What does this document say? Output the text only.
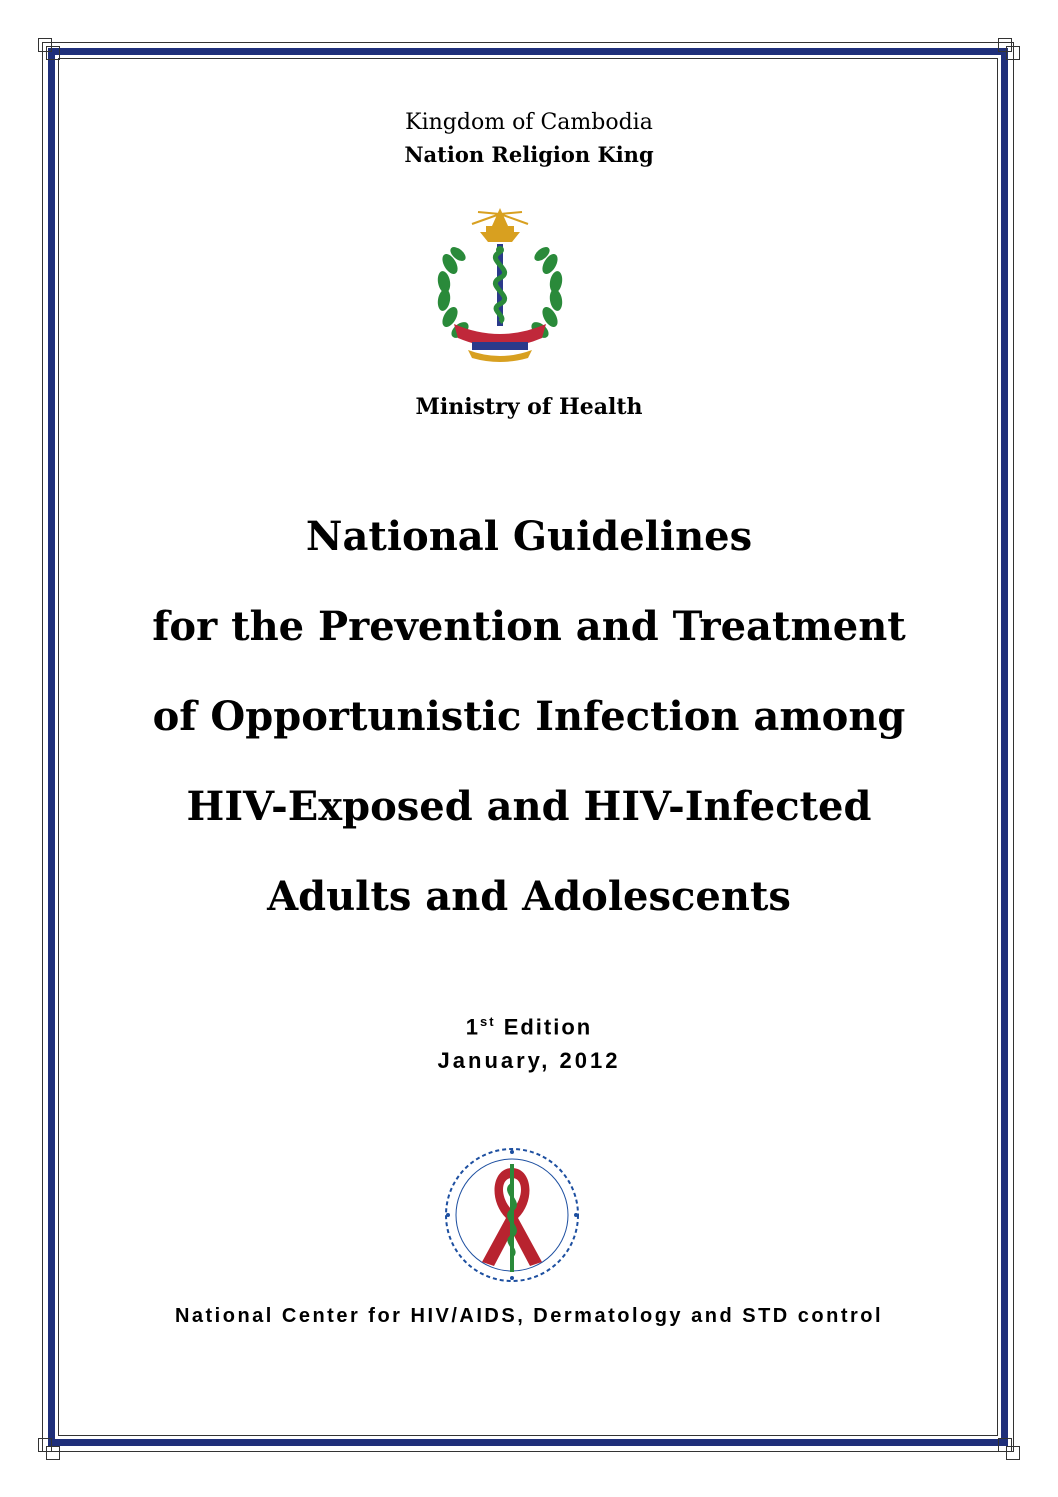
Kingdom of Cambodia
Nation Religion King
Ministry of Health
National Guidelines
for the Prevention and Treatment
of Opportunistic Infection among
HIV-Exposed and HIV-Infected
Adults and Adolescents
1st Edition
January, 2012
National Center for HIV/AIDS, Dermatology and STD control
